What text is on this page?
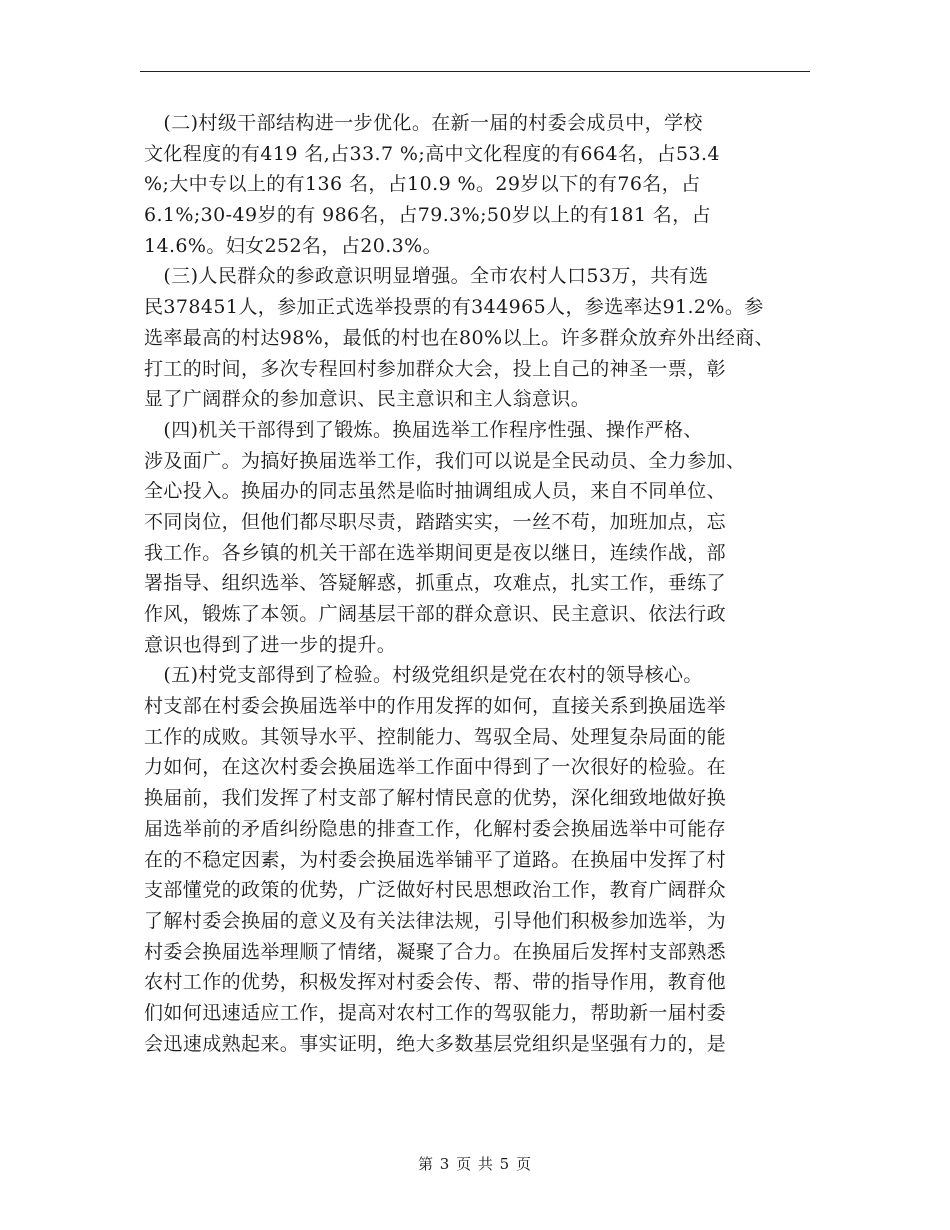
　(二)村级干部结构进一步优化。在新一届的村委会成员中，学校
文化程度的有419 名,占33.7 %;高中文化程度的有664名，占53.4
%;大中专以上的有136 名，占10.9 %。29岁以下的有76名，占
6.1%;30-49岁的有 986名，占79.3%;50岁以上的有181 名，占
14.6%。妇女252名，占20.3%。
　(三)人民群众的参政意识明显增强。全市农村人口53万，共有选
民378451人，参加正式选举投票的有344965人，参选率达91.2%。参
选率最高的村达98%，最低的村也在80%以上。许多群众放弃外出经商、
打工的时间，多次专程回村参加群众大会，投上自己的神圣一票，彰
显了广阔群众的参加意识、民主意识和主人翁意识。
　(四)机关干部得到了锻炼。换届选举工作程序性强、操作严格、
涉及面广。为搞好换届选举工作，我们可以说是全民动员、全力参加、
全心投入。换届办的同志虽然是临时抽调组成人员，来自不同单位、
不同岗位，但他们都尽职尽责，踏踏实实，一丝不苟，加班加点，忘
我工作。各乡镇的机关干部在选举期间更是夜以继日，连续作战，部
署指导、组织选举、答疑解惑，抓重点，攻难点，扎实工作，垂练了
作风，锻炼了本领。广阔基层干部的群众意识、民主意识、依法行政
意识也得到了进一步的提升。
　(五)村党支部得到了检验。村级党组织是党在农村的领导核心。
村支部在村委会换届选举中的作用发挥的如何，直接关系到换届选举
工作的成败。其领导水平、控制能力、驾驭全局、处理复杂局面的能
力如何，在这次村委会换届选举工作面中得到了一次很好的检验。在
换届前，我们发挥了村支部了解村情民意的优势，深化细致地做好换
届选举前的矛盾纠纷隐患的排查工作，化解村委会换届选举中可能存
在的不稳定因素，为村委会换届选举铺平了道路。在换届中发挥了村
支部懂党的政策的优势，广泛做好村民思想政治工作，教育广阔群众
了解村委会换届的意义及有关法律法规，引导他们积极参加选举，为
村委会换届选举理顺了情绪，凝聚了合力。在换届后发挥村支部熟悉
农村工作的优势，积极发挥对村委会传、帮、带的指导作用，教育他
们如何迅速适应工作，提高对农村工作的驾驭能力，帮助新一届村委
会迅速成熟起来。事实证明，绝大多数基层党组织是坚强有力的，是
第 3 页 共 5 页
